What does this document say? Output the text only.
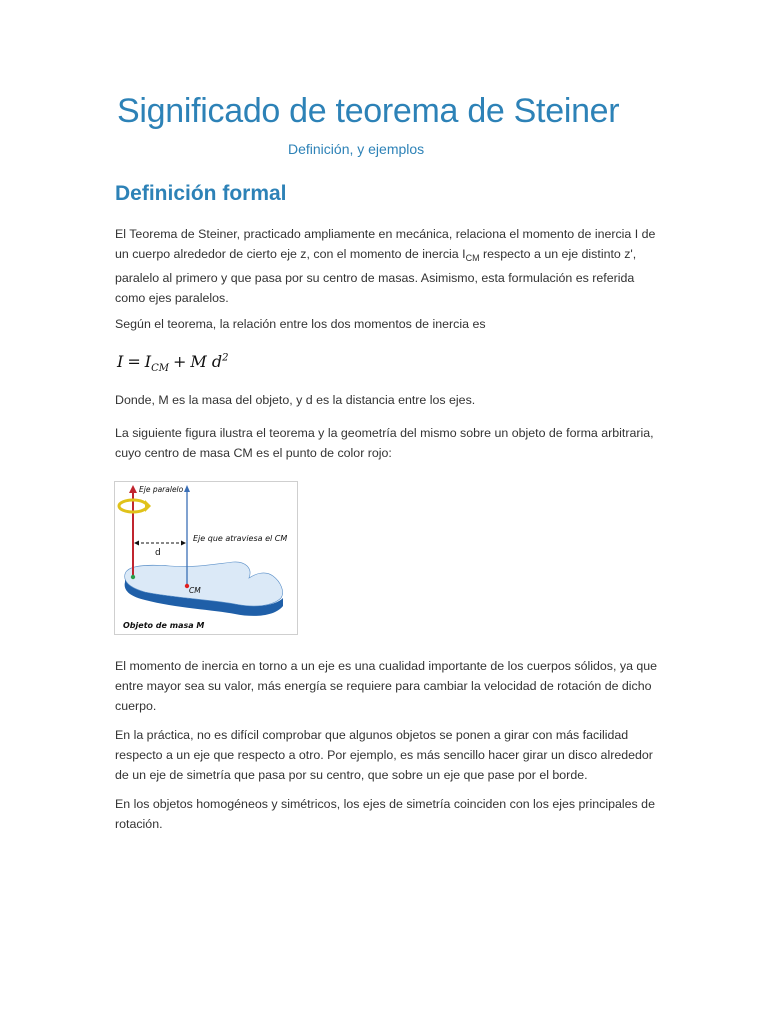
Significado de teorema de Steiner
Definición, y ejemplos
Definición formal

El Teorema de Steiner, practicado ampliamente en mecánica, relaciona el momento de inercia I de un cuerpo alrededor de cierto eje z, con el momento de inercia $I_{CM}$ respecto a un eje distinto z', paralelo al primero y que pasa por su centro de masas. Asimismo, esta formulación es referida como ejes paralelos.

Según el teorema, la relación entre los dos momentos de inercia es

$I = I_{CM} + M$ $d^2$

Donde, M es la masa del objeto, y d es la distancia entre los ejes.

La siguiente figura ilustra el teorema y la geometría del mismo sobre un objeto de forma arbitraria, cuyo centro de masa CM es el punto de color rojo:

Eje paralelo
Eje que atraviesa el CM
d
CM
Objeto de masa M

El momento de inercia en torno a un eje es una cualidad importante de los cuerpos sólidos, ya que entre mayor sea su valor, más energía se requiere para cambiar la velocidad de rotación de dicho cuerpo.

En la práctica, no es difícil comprobar que algunos objetos se ponen a girar con más facilidad respecto a un eje que respecto a otro. Por ejemplo, es más sencillo hacer girar un disco alrededor de un eje de simetría que pasa por su centro, que sobre un eje que pase por el borde.

En los objetos homogéneos y simétricos, los ejes de simetría coinciden con los ejes principales de rotación.
